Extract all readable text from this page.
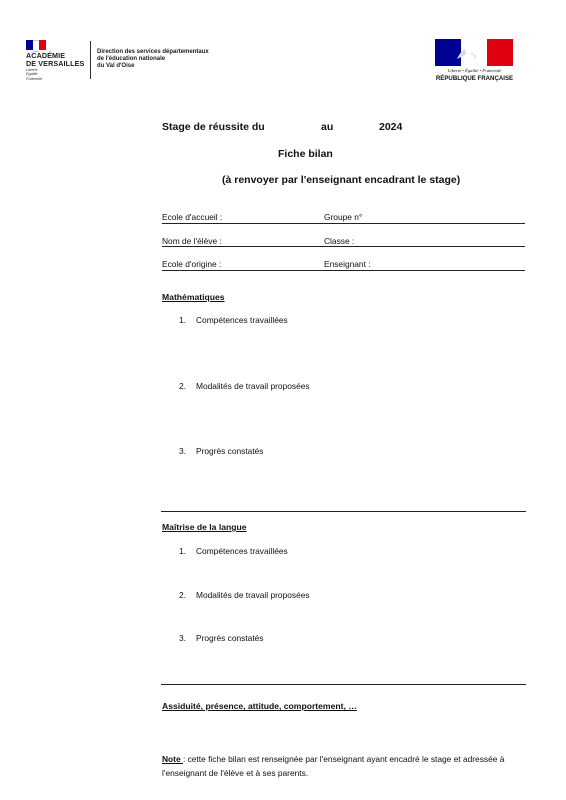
ACADÉMIE
DE VERSAILLES
Liberté
Égalité
Fraternité
Direction des services départementaux
de l'éducation nationale
du Val d'Oise
Liberté • Égalité • Fraternité
RÉPUBLIQUE FRANÇAISE
Stage de réussite du	au	2024
Fiche bilan
(à renvoyer par l'enseignant encadrant le stage)
Ecole d'accueil :	Groupe n°
Nom de l'élève :	Classe :
Ecole d'origine :	Enseignant :
Mathématiques
1. Compétences travaillées
2. Modalités de travail proposées
3. Progrès constatés
Maîtrise de la langue
1. Compétences travaillées
2. Modalités de travail proposées
3. Progrès constatés
Assiduité, présence, attitude, comportement, …
Note : cette fiche bilan est renseignée par l'enseignant ayant encadré le stage et adressée à l'enseignant de l'élève et à ses parents.
